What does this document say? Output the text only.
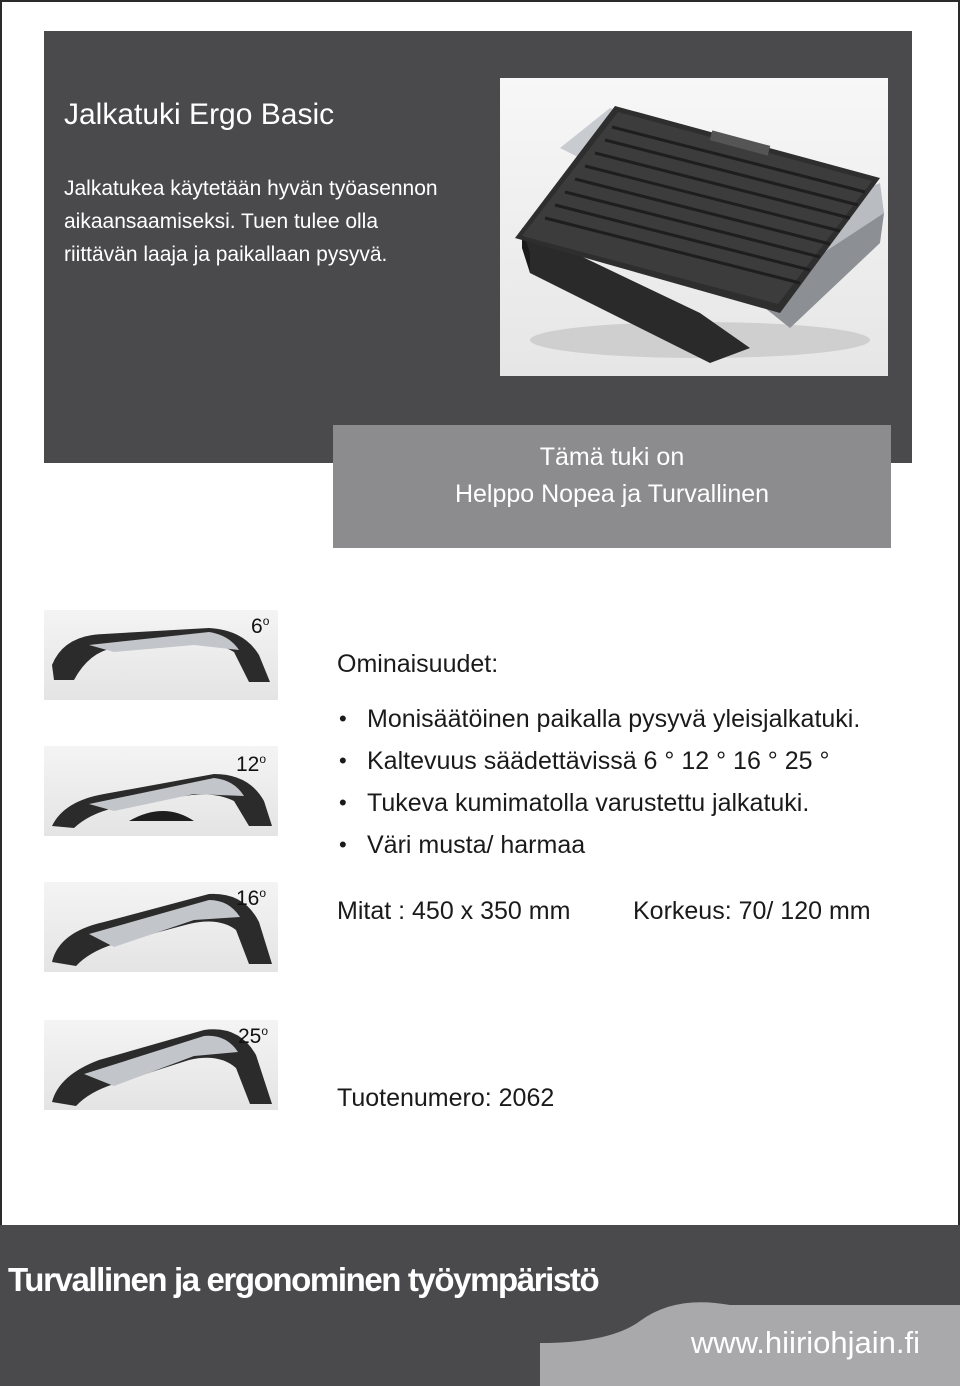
Jalkatuki Ergo Basic
Jalkatukea käytetään hyvän työasennon aikaansaamiseksi. Tuen tulee olla riittävän laaja ja paikallaan pysyvä.
Tämä tuki on
Helppo Nopea ja Turvallinen
6$^o$
12$^o$
16$^o$
25$^o$
Ominaisuudet:
• Monisäätöinen paikalla pysyvä yleisjalkatuki.
• Kaltevuus säädettävissä 6 ° 12 ° 16 ° 25 °
• Tukeva kumimatolla varustettu jalkatuki.
• Väri musta/ harmaa
Mitat : 450 x 350 mm	Korkeus: 70/ 120 mm
Tuotenumero: 2062
Turvallinen ja ergonominen työympäristö
www.hiiriohjain.fi
